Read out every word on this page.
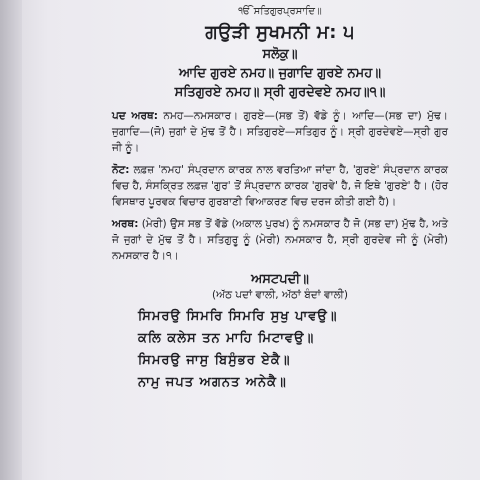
ੴ ਸਤਿਗੁਰਪ੍ਰਸਾਦਿ॥
ਗਉੜੀ ਸੁਖਮਨੀ ਮ: ੫
ਸਲੋਕੁ॥
ਆਦਿ ਗੁਰਏ ਨਮਹ॥ ਜੁਗਾਦਿ ਗੁਰਏ ਨਮਹ॥
ਸਤਿਗੁਰਏ ਨਮਹ॥ ਸ੍ਰੀ ਗੁਰਦੇਵਏ ਨਮਹ॥੧॥
ਪਦ ਅਰਥ: ਨਮਹ—ਨਮਸਕਾਰ। ਗੁਰਏ—(ਸਭ ਤੋਂ) ਵੱਡੇ ਨੂੰ। ਆਦਿ—(ਸਭ ਦਾ) ਮੁੱਢ। ਜੁਗਾਦਿ—(ਜੋ) ਜੁਗਾਂ ਦੇ ਮੁੱਢ ਤੋਂ ਹੈ। ਸਤਿਗੁਰਏ—ਸਤਿਗੁਰ ਨੂੰ। ਸ੍ਰੀ ਗੁਰਦੇਵਏ—ਸ੍ਰੀ ਗੁਰ ਜੀ ਨੂੰ।
ਨੋਟ: ਲਫ਼ਜ਼ 'ਨਮਹ' ਸੰਪ੍ਰਦਾਨ ਕਾਰਕ ਨਾਲ ਵਰਤਿਆ ਜਾਂਦਾ ਹੈ, 'ਗੁਰਏ' ਸੰਪ੍ਰਦਾਨ ਕਾਰਕ ਵਿਚ ਹੈ, ਸੰਸਕ੍ਰਿਤ ਲਫ਼ਜ਼ 'ਗੁਰ' ਤੋਂ ਸੰਪ੍ਰਦਾਨ ਕਾਰਕ 'ਗੁਰਵੇ' ਹੈ, ਜੋ ਇਥੇ 'ਗੁਰਏ' ਹੈ। (ਹੋਰ ਵਿਸਥਾਰ ਪੂਰਵਕ ਵਿਚਾਰ ਗੁਰਬਾਣੀ ਵਿਆਕਰਣ ਵਿਚ ਦਰਜ ਕੀਤੀ ਗਈ ਹੈ)।
ਅਰਥ: (ਮੇਰੀ) ਉਸ ਸਭ ਤੋਂ ਵੱਡੇ (ਅਕਾਲ ਪੁਰਖ) ਨੂੰ ਨਮਸਕਾਰ ਹੈ ਜੋ (ਸਭ ਦਾ) ਮੁੱਢ ਹੈ, ਅਤੇ ਜੋ ਜੁਗਾਂ ਦੇ ਮੁੱਢ ਤੋਂ ਹੈ। ਸਤਿਗੁਰੂ ਨੂੰ (ਮੇਰੀ) ਨਮਸਕਾਰ ਹੈ, ਸ੍ਰੀ ਗੁਰਦੇਵ ਜੀ ਨੂੰ (ਮੇਰੀ) ਨਮਸਕਾਰ ਹੈ।੧।
ਅਸਟਪਦੀ॥
(ਅੱਠ ਪਦਾਂ ਵਾਲੀ, ਅੱਠਾਂ ਬੰਦਾਂ ਵਾਲੀ)
ਸਿਮਰਉ ਸਿਮਰਿ ਸਿਮਰਿ ਸੁਖੁ ਪਾਵਉ॥
ਕਲਿ ਕਲੇਸ ਤਨ ਮਾਹਿ ਮਿਟਾਵਉ॥
ਸਿਮਰਉ ਜਾਸੁ ਬਿਸੁੰਭਰ ਏਕੈ॥
ਨਾਮੁ ਜਪਤ ਅਗਨਤ ਅਨੇਕੈ॥
